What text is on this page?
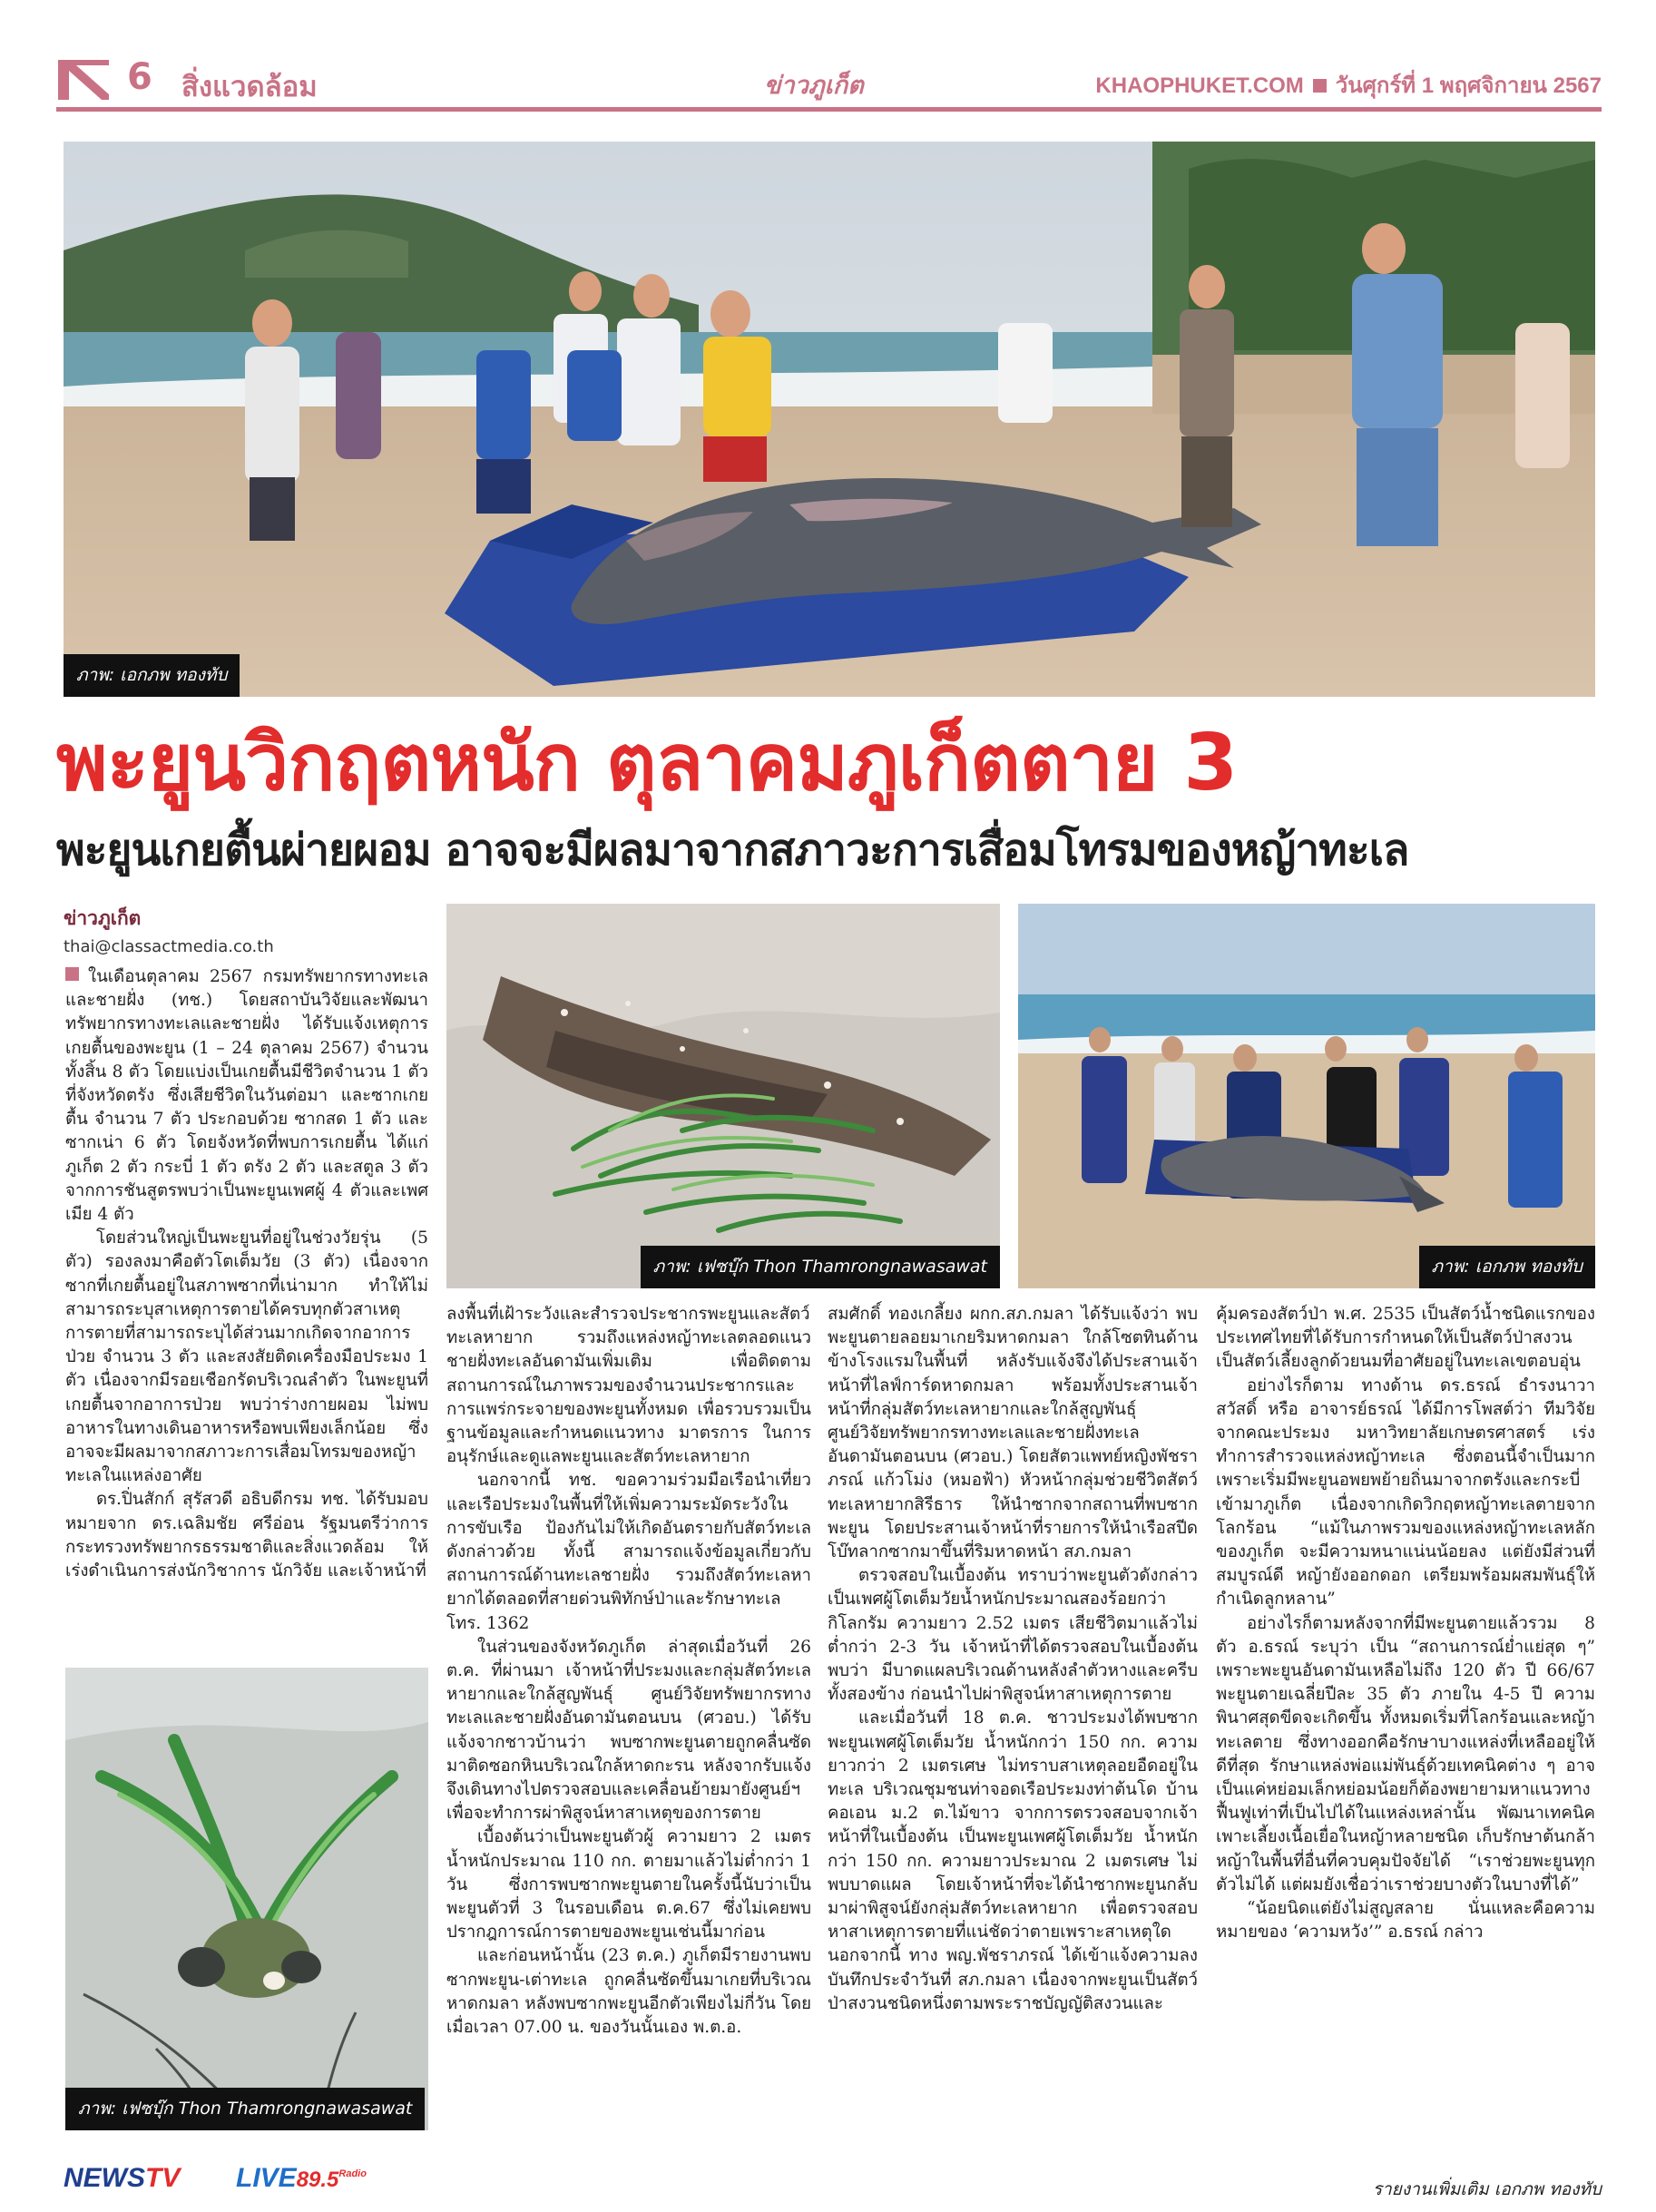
6 สิ่งแวดล้อม	ข่าวภูเก็ต	KHAOPHUKET.COM วันศุกร์ที่ 1 พฤศจิกายน 2567
ภาพ: เอกภพ ทองทับ
พะยูนวิกฤตหนัก ตุลาคมภูเก็ตตาย 3
พะยูนเกยตื้นผ่ายผอม อาจจะมีผลมาจากสภาวะการเสื่อมโทรมของหญ้าทะเล
ข่าวภูเก็ต
thai@classactmedia.co.th

ในเดือนตุลาคม 2567 กรมทรัพยากรทางทะเลและชายฝั่ง (ทช.) โดยสถาบันวิจัยและพัฒนาทรัพยากรทางทะเลและชายฝั่ง ได้รับแจ้งเหตุการเกยตื้นของพะยูน (1 – 24 ตุลาคม 2567) จำนวนทั้งสิ้น 8 ตัว โดยแบ่งเป็นเกยตื้นมีชีวิตจำนวน 1 ตัว ที่จังหวัดตรัง ซึ่งเสียชีวิตในวันต่อมา และซากเกยตื้น จำนวน 7 ตัว ประกอบด้วย ซากสด 1 ตัว และซากเน่า 6 ตัว โดยจังหวัดที่พบการเกยตื้น ได้แก่ ภูเก็ต 2 ตัว กระบี่ 1 ตัว ตรัง 2 ตัว และสตูล 3 ตัว จากการชันสูตรพบว่าเป็นพะยูนเพศผู้ 4 ตัวและเพศเมีย 4 ตัว

โดยส่วนใหญ่เป็นพะยูนที่อยู่ในช่วงวัยรุ่น (5 ตัว) รองลงมาคือตัวโตเต็มวัย (3 ตัว) เนื่องจากซากที่เกยตื้นอยู่ในสภาพซากที่เน่ามาก ทำให้ไม่สามารถระบุสาเหตุการตายได้ครบทุกตัวสาเหตุการตายที่สามารถระบุได้ส่วนมากเกิดจากอาการป่วย จำนวน 3 ตัว และสงสัยติดเครื่องมือประมง 1 ตัว เนื่องจากมีรอยเชือกรัดบริเวณลำตัว ในพะยูนที่เกยตื้นจากอาการป่วย พบว่าร่างกายผอม ไม่พบอาหารในทางเดินอาหารหรือพบเพียงเล็กน้อย ซึ่งอาจจะมีผลมาจากสภาวะการเสื่อมโทรมของหญ้าทะเลในแหล่งอาศัย

ดร.ปิ่นสักก์ สุรัสวดี อธิบดีกรม ทช. ได้รับมอบหมายจาก ดร.เฉลิมชัย ศรีอ่อน รัฐมนตรีว่าการกระทรวงทรัพยากรธรรมชาติและสิ่งแวดล้อม ให้เร่งดำเนินการส่งนักวิชาการ นักวิจัย และเจ้าหน้าที่

ภาพ: เฟซบุ๊ก Thon Thamrongnawasawat	ภาพ: เอกภพ ทองทับ
ภาพ: เฟซบุ๊ก Thon Thamrongnawasawat

ลงพื้นที่เฝ้าระวังและสำรวจประชากรพะยูนและสัตว์ทะเลหายาก รวมถึงแหล่งหญ้าทะเลตลอดแนวชายฝั่งทะเลอันดามันเพิ่มเติม เพื่อติดตามสถานการณ์ในภาพรวมของจำนวนประชากรและการแพร่กระจายของพะยูนทั้งหมด เพื่อรวบรวมเป็นฐานข้อมูลและกำหนดแนวทาง มาตรการ ในการอนุรักษ์และดูแลพะยูนและสัตว์ทะเลหายาก

นอกจากนี้ ทช. ขอความร่วมมือเรือนำเที่ยวและเรือประมงในพื้นที่ให้เพิ่มความระมัดระวังในการขับเรือ ป้องกันไม่ให้เกิดอันตรายกับสัตว์ทะเลดังกล่าวด้วย ทั้งนี้ สามารถแจ้งข้อมูลเกี่ยวกับสถานการณ์ด้านทะเลชายฝั่ง รวมถึงสัตว์ทะเลหายากได้ตลอดที่สายด่วนพิทักษ์ป่าและรักษาทะเล โทร. 1362

ในส่วนของจังหวัดภูเก็ต ล่าสุดเมื่อวันที่ 26 ต.ค. ที่ผ่านมา เจ้าหน้าที่ประมงและกลุ่มสัตว์ทะเลหายากและใกล้สูญพันธุ์ ศูนย์วิจัยทรัพยากรทางทะเลและชายฝั่งอันดามันตอนบน (ศวอบ.) ได้รับแจ้งจากชาวบ้านว่า พบซากพะยูนตายถูกคลื่นซัดมาติดซอกหินบริเวณใกล้หาดกะรน หลังจากรับแจ้งจึงเดินทางไปตรวจสอบและเคลื่อนย้ายมายังศูนย์ฯเพื่อจะทำการผ่าพิสูจน์หาสาเหตุของการตาย

เบื้องต้นว่าเป็นพะยูนตัวผู้ ความยาว 2 เมตร น้ำหนักประมาณ 110 กก. ตายมาแล้วไม่ต่ำกว่า 1 วัน ซึ่งการพบซากพะยูนตายในครั้งนี้นับว่าเป็นพะยูนตัวที่ 3 ในรอบเดือน ต.ค.67 ซึ่งไม่เคยพบปรากฎการณ์การตายของพะยูนเช่นนี้มาก่อน

และก่อนหน้านั้น (23 ต.ค.) ภูเก็ตมีรายงานพบซากพะยูน-เต่าทะเล ถูกคลื่นซัดขึ้นมาเกยที่บริเวณหาดกมลา หลังพบซากพะยูนอีกตัวเพียงไม่กี่วัน โดยเมื่อเวลา 07.00 น. ของวันนั้นเอง พ.ต.อ.

สมศักดิ์ ทองเกลี้ยง ผกก.สภ.กมลา ได้รับแจ้งว่า พบพะยูนตายลอยมาเกยริมหาดกมลา ใกล้โซตทินด้านข้างโรงแรมในพื้นที่ หลังรับแจ้งจึงได้ประสานเจ้าหน้าที่ไลฟ์การ์ดหาดกมลา พร้อมทั้งประสานเจ้าหน้าที่กลุ่มสัตว์ทะเลหายากและใกล้สูญพันธุ์ ศูนย์วิจัยทรัพยากรทางทะเลและชายฝั่งทะเลอันดามันตอนบน (ศวอบ.) โดยสัตวแพทย์หญิงพัชราภรณ์ แก้วโม่ง (หมอฟ้า) หัวหน้ากลุ่มช่วยชีวิตสัตว์ทะเลหายากสิรีธาร ให้นำซากจากสถานที่พบซากพะยูน โดยประสานเจ้าหน้าที่รายการให้นำเรือสปีดโบ๊ทลากซากมาขึ้นที่ริมหาดหน้า สภ.กมลา

ตรวจสอบในเบื้องต้น ทราบว่าพะยูนตัวดังกล่าวเป็นเพศผู้โตเต็มวัยน้ำหนักประมาณสองร้อยกว่ากิโลกรัม ความยาว 2.52 เมตร เสียชีวิตมาแล้วไม่ต่ำกว่า 2-3 วัน เจ้าหน้าที่ได้ตรวจสอบในเบื้องต้นพบว่า มีบาดแผลบริเวณด้านหลังลำตัวหางและครีบทั้งสองข้าง ก่อนนำไปผ่าพิสูจน์หาสาเหตุการตาย

และเมื่อวันที่ 18 ต.ค. ชาวประมงได้พบซากพะยูนเพศผู้โตเต็มวัย น้ำหนักกว่า 150 กก. ความยาวกว่า 2 เมตรเศษ ไม่ทราบสาเหตุลอยอืดอยู่ในทะเล บริเวณชุมชนท่าจอดเรือประมงท่าต้นโด บ้านคอเอน ม.2 ต.ไม้ขาว จากการตรวจสอบจากเจ้าหน้าที่ในเบื้องต้น เป็นพะยูนเพศผู้โตเต็มวัย น้ำหนักกว่า 150 กก. ความยาวประมาณ 2 เมตรเศษ ไม่พบบาดแผล โดยเจ้าหน้าที่จะได้นำซากพะยูนกลับมาผ่าพิสูจน์ยังกลุ่มสัตว์ทะเลหายาก เพื่อตรวจสอบหาสาเหตุการตายที่แน่ชัดว่าตายเพราะสาเหตุใดนอกจากนี้ ทาง พญ.พัชราภรณ์ ได้เข้าแจ้งความลงบันทึกประจำวันที่ สภ.กมลา เนื่องจากพะยูนเป็นสัตว์ป่าสงวนชนิดหนึ่งตามพระราชบัญญัติสงวนและ

คุ้มครองสัตว์ป่า พ.ศ. 2535 เป็นสัตว์น้ำชนิดแรกของประเทศไทยที่ได้รับการกำหนดให้เป็นสัตว์ป่าสงวน เป็นสัตว์เลี้ยงลูกด้วยนมที่อาศัยอยู่ในทะเลเขตอบอุ่น

อย่างไรก็ตาม ทางด้าน ดร.ธรณ์ ธำรงนาวาสวัสดิ์ หรือ อาจารย์ธรณ์ ได้มีการโพสต์ว่า ทีมวิจัยจากคณะประมง มหาวิทยาลัยเกษตรศาสตร์ เร่งทำการสำรวจแหล่งหญ้าทะเล ซึ่งตอนนี้จำเป็นมากเพราะเริ่มมีพะยูนอพยพย้ายถิ่นมาจากตรังและกระบี่เข้ามาภูเก็ต เนื่องจากเกิดวิกฤตหญ้าทะเลตายจากโลกร้อน “แม้ในภาพรวมของแหล่งหญ้าทะเลหลักของภูเก็ต จะมีความหนาแน่นน้อยลง แต่ยังมีส่วนที่สมบูรณ์ดี หญ้ายังออกดอก เตรียมพร้อมผสมพันธุ์ให้กำเนิดลูกหลาน”

อย่างไรก็ตามหลังจากที่มีพะยูนตายแล้วรวม 8 ตัว อ.ธรณ์ ระบุว่า เป็น “สถานการณ์ย่ำแย่สุด ๆ” เพราะพะยูนอันดามันเหลือไม่ถึง 120 ตัว ปี 66/67 พะยูนตายเฉลี่ยปีละ 35 ตัว ภายใน 4-5 ปี ความพินาศสุดขีดจะเกิดขึ้น ทั้งหมดเริ่มที่โลกร้อนและหญ้าทะเลตาย ซึ่งทางออกคือรักษาบางแหล่งที่เหลืออยู่ให้ดีที่สุด รักษาแหล่งพ่อแม่พันธุ์ด้วยเทคนิคต่าง ๆ อาจเป็นแค่หย่อมเล็กหย่อมน้อยก็ต้องพยายามหาแนวทางฟื้นฟูเท่าที่เป็นไปได้ในแหล่งเหล่านั้น พัฒนาเทคนิคเพาะเลี้ยงเนื้อเยื่อในหญ้าหลายชนิด เก็บรักษาต้นกล้าหญ้าในพื้นที่อื่นที่ควบคุมปัจจัยได้ “เราช่วยพะยูนทุกตัวไม่ได้ แต่ผมยังเชื่อว่าเราช่วยบางตัวในบางที่ได้”

“น้อยนิดแต่ยังไม่สูญสลาย นั่นแหละคือความหมายของ ‘ความหวัง’” อ.ธรณ์ กล่าว

รายงานเพิ่มเติม เอกภพ ทองทับ
NEWSTV $LIVE89.5^{Radio}$
